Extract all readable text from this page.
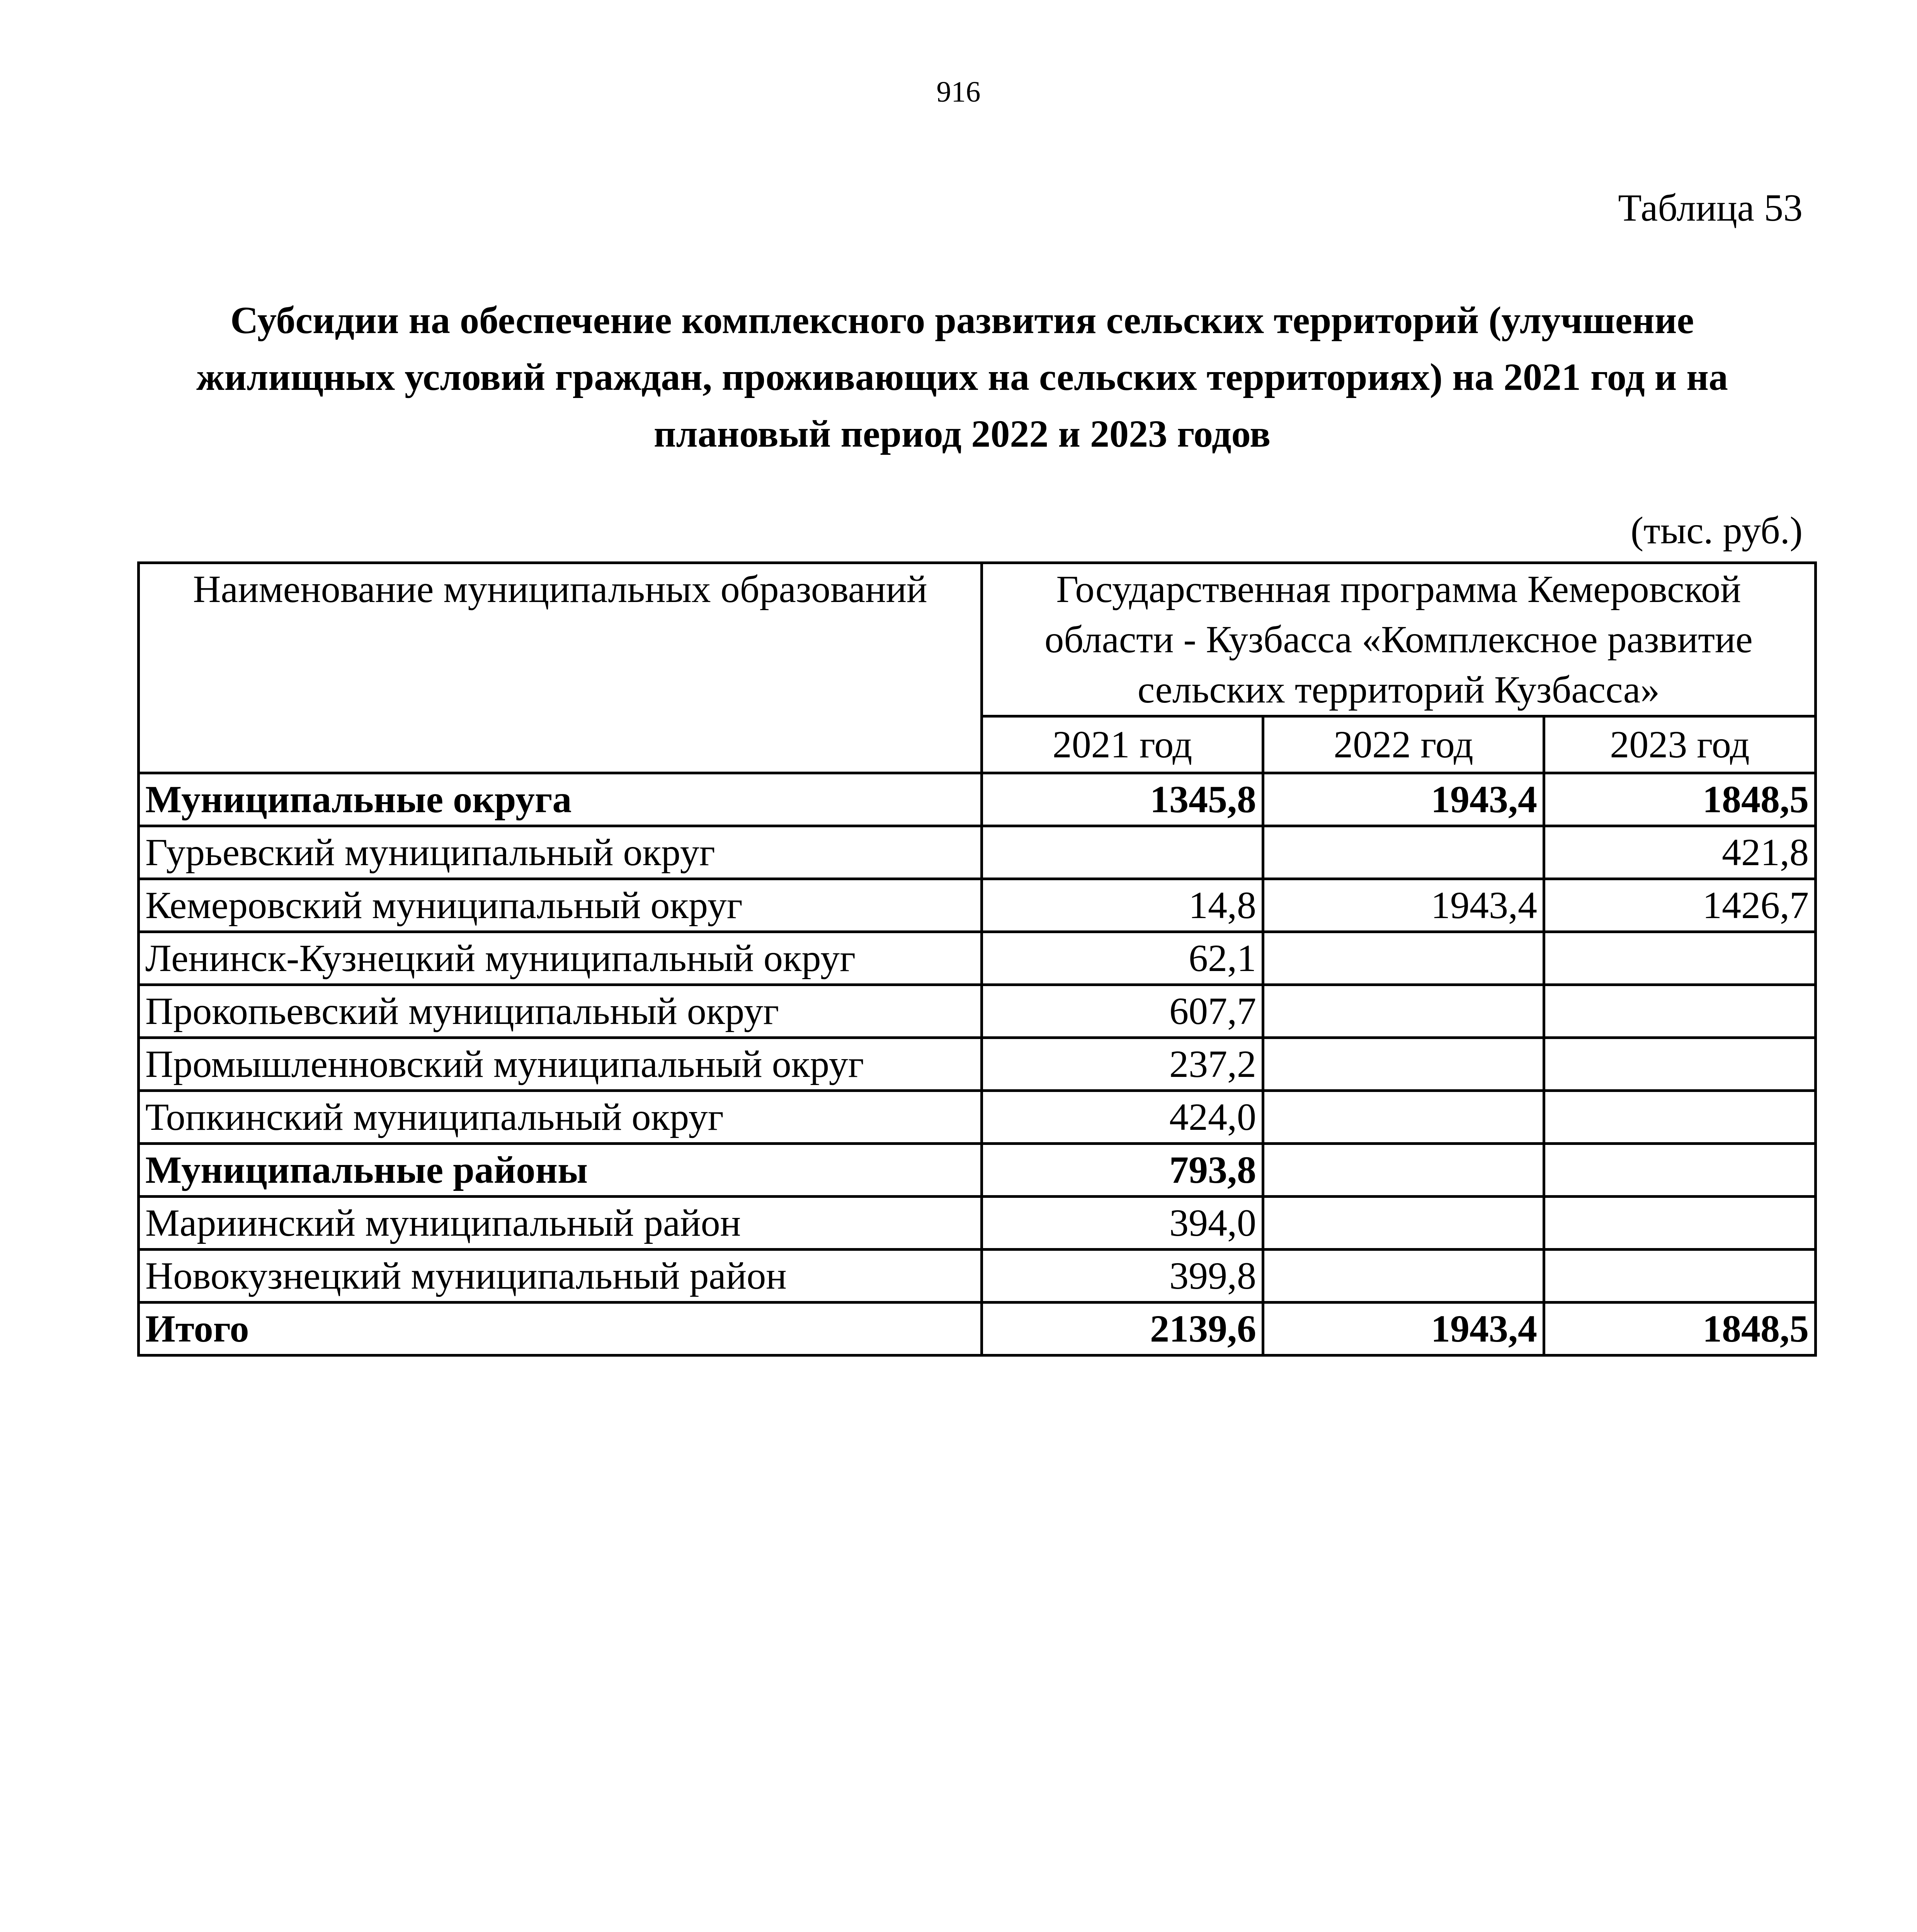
916
Таблица 53
Субсидии на обеспечение комплексного развития сельских территорий (улучшение жилищных условий граждан, проживающих на сельских территориях) на 2021 год и на плановый период 2022 и 2023 годов
(тыс. руб.)
Наименование муниципальных образований	Государственная программа Кемеровской области - Кузбасса «Комплексное развитие сельских территорий Кузбасса»		
	2021 год	2022 год	2023 год
Муниципальные округа	1345,8	1943,4	1848,5
Гурьевский муниципальный округ			421,8
Кемеровский муниципальный округ	14,8	1943,4	1426,7
Ленинск-Кузнецкий муниципальный округ	62,1		
Прокопьевский муниципальный округ	607,7		
Промышленновский муниципальный округ	237,2		
Топкинский муниципальный округ	424,0		
Муниципальные районы	793,8		
Мариинский муниципальный район	394,0		
Новокузнецкий муниципальный район	399,8		
Итого	2139,6	1943,4	1848,5
